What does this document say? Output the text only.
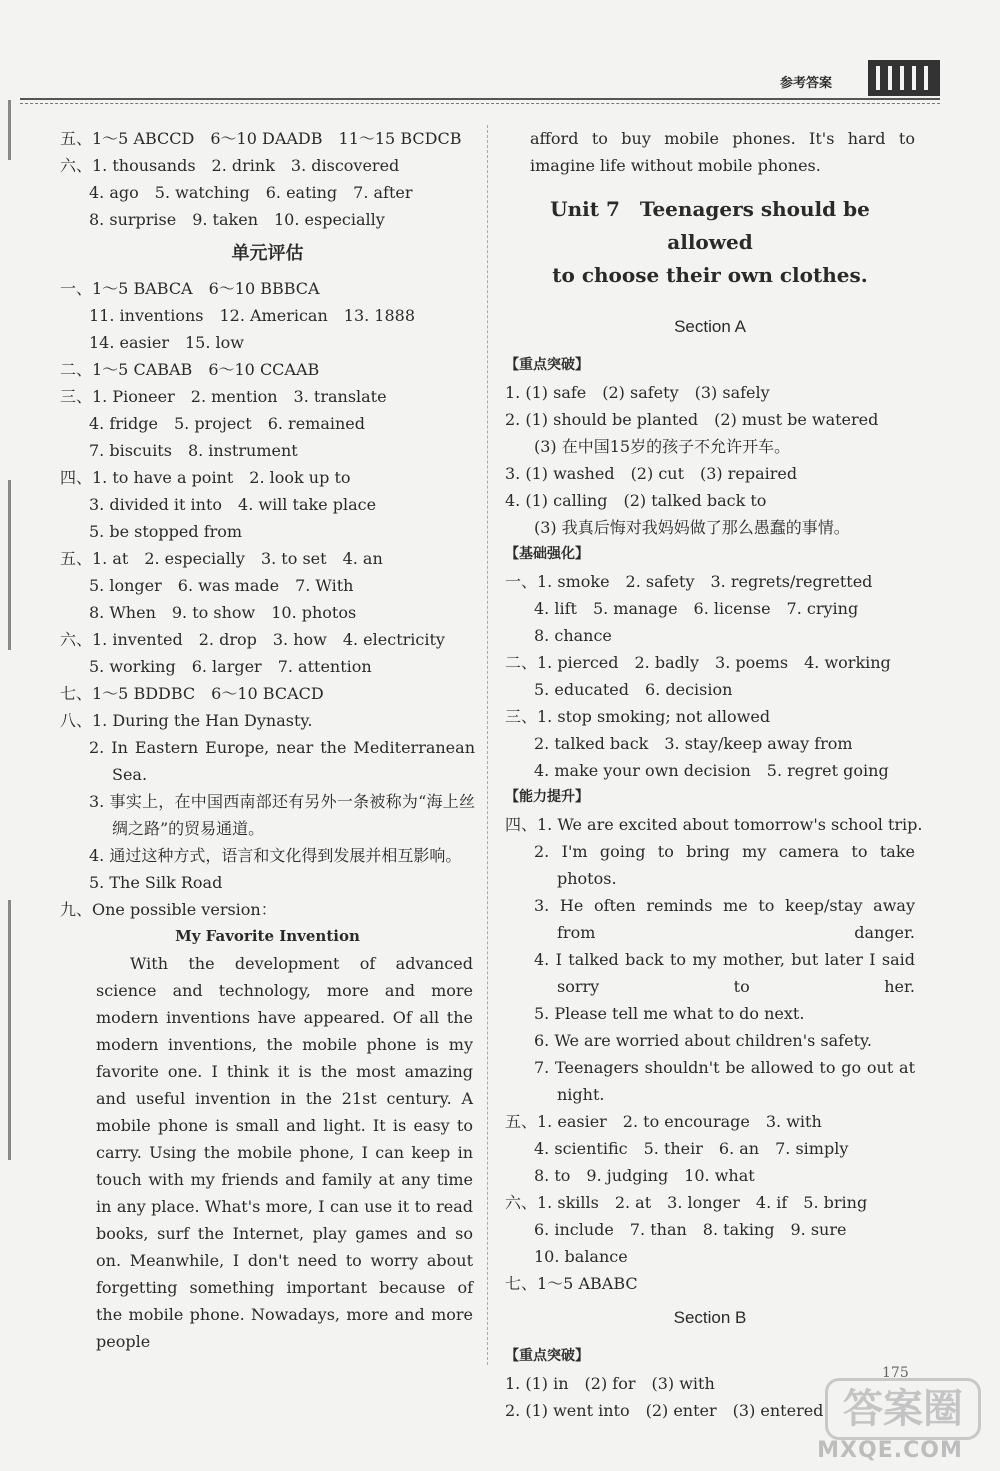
参考答案
五、1～5 ABCCD　6～10 DAADB　11～15 BCDCB
六、1. thousands　2. drink　3. discovered
4. ago　5. watching　6. eating　7. after
8. surprise　9. taken　10. especially
单元评估
一、1～5 BABCA　6～10 BBBCA
11. inventions　12. American　13. 1888
14. easier　15. low
二、1～5 CABAB　6～10 CCAAB
三、1. Pioneer　2. mention　3. translate
4. fridge　5. project　6. remained
7. biscuits　8. instrument
四、1. to have a point　2. look up to
3. divided it into　4. will take place
5. be stopped from
五、1. at　2. especially　3. to set　4. an
5. longer　6. was made　7. With
8. When　9. to show　10. photos
六、1. invented　2. drop　3. how　4. electricity
5. working　6. larger　7. attention
七、1～5 BDDBC　6～10 BCACD
八、1. During the Han Dynasty.
2. In Eastern Europe, near the Mediterranean Sea.
3. 事实上，在中国西南部还有另外一条被称为“海上丝绸之路”的贸易通道。
4. 通过这种方式，语言和文化得到发展并相互影响。
5. The Silk Road
九、One possible version：
My Favorite Invention
With the development of advanced science and technology, more and more modern inventions have appeared. Of all the modern inventions, the mobile phone is my favorite one. I think it is the most amazing and useful invention in the 21st century. A mobile phone is small and light. It is easy to carry. Using the mobile phone, I can keep in touch with my friends and family at any time in any place. What's more, I can use it to read books, surf the Internet, play games and so on. Meanwhile, I don't need to worry about forgetting something important because of the mobile phone. Nowadays, more and more people
afford to buy mobile phones. It's hard to imagine life without mobile phones.
Unit 7　Teenagers should be allowed
to choose their own clothes.
Section A
【重点突破】
1. (1) safe　(2) safety　(3) safely
2. (1) should be planted　(2) must be watered
(3) 在中国15岁的孩子不允许开车。
3. (1) washed　(2) cut　(3) repaired
4. (1) calling　(2) talked back to
(3) 我真后悔对我妈妈做了那么愚蠢的事情。
【基础强化】
一、1. smoke　2. safety　3. regrets/regretted
4. lift　5. manage　6. license　7. crying
8. chance
二、1. pierced　2. badly　3. poems　4. working
5. educated　6. decision
三、1. stop smoking; not allowed
2. talked back　3. stay/keep away from
4. make your own decision　5. regret going
【能力提升】
四、1. We are excited about tomorrow's school trip.
2. I'm going to bring my camera to take photos.
3. He often reminds me to keep/stay away from danger.
4. I talked back to my mother, but later I said sorry to her.
5. Please tell me what to do next.
6. We are worried about children's safety.
7. Teenagers shouldn't be allowed to go out at night.
五、1. easier　2. to encourage　3. with
4. scientific　5. their　6. an　7. simply
8. to　9. judging　10. what
六、1. skills　2. at　3. longer　4. if　5. bring
6. include　7. than　8. taking　9. sure
10. balance
七、1～5 ABABC
Section B
【重点突破】
1. (1) in　(2) for　(3) with
2. (1) went into　(2) enter　(3) entered
175
答案圈
MXQE.COM
